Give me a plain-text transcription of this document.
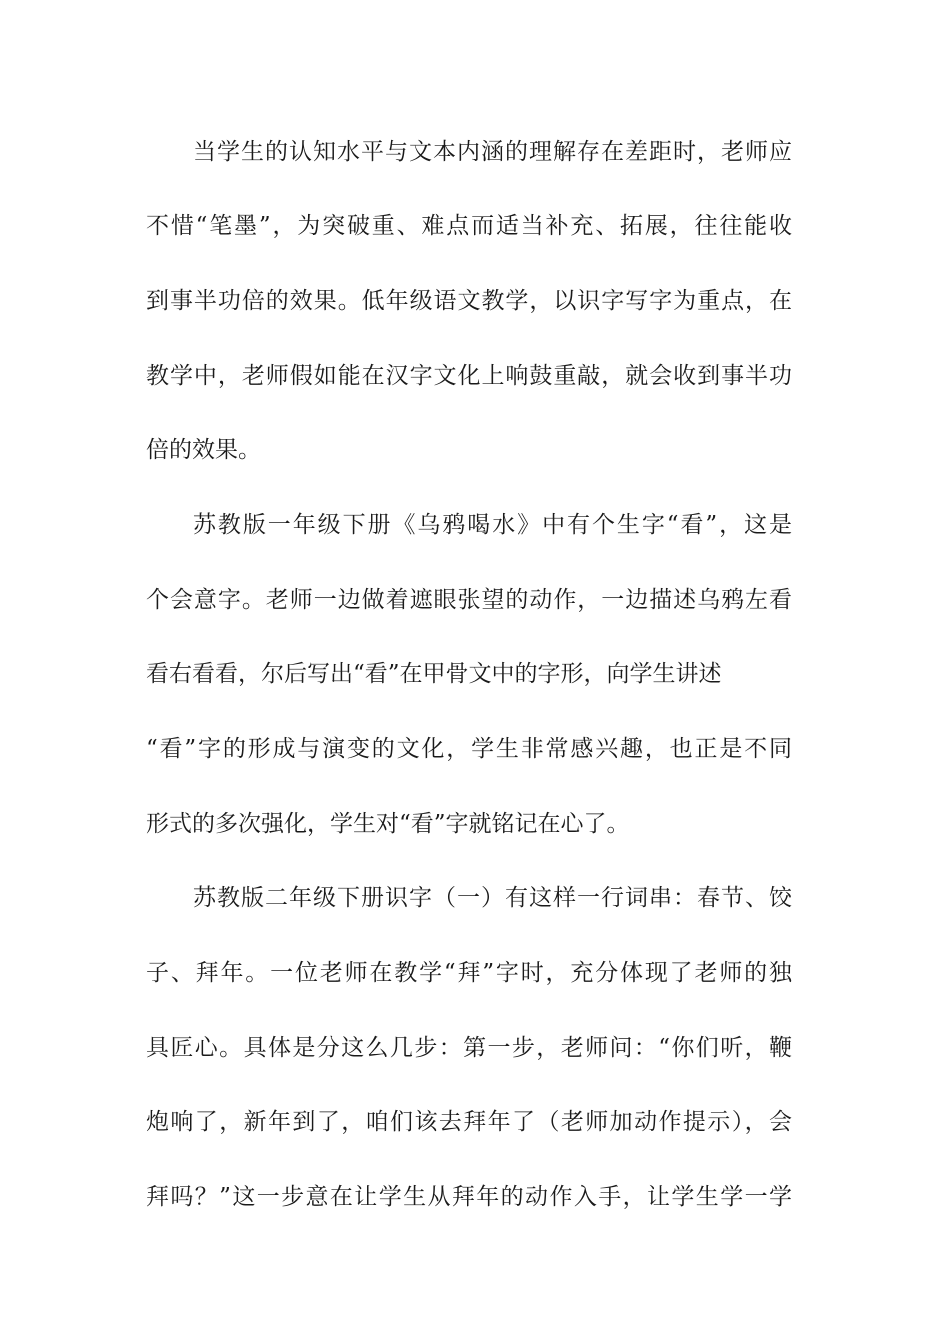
当学生的认知水平与文本内涵的理解存在差距时，老师应
不惜“笔墨”，为突破重、难点而适当补充、拓展，往往能收
到事半功倍的效果。低年级语文教学，以识字写字为重点，在
教学中，老师假如能在汉字文化上响鼓重敲，就会收到事半功
倍的效果。
苏教版一年级下册《乌鸦喝水》中有个生字“看”，这是
个会意字。老师一边做着遮眼张望的动作，一边描述乌鸦左看
看右看看，尔后写出“看”在甲骨文中的字形，向学生讲述
“看”字的形成与演变的文化，学生非常感兴趣，也正是不同
形式的多次强化，学生对“看”字就铭记在心了。
苏教版二年级下册识字（一）有这样一行词串：春节、饺
子、拜年。一位老师在教学“拜”字时，充分体现了老师的独
具匠心。具体是分这么几步：第一步，老师问：“你们听，鞭
炮响了，新年到了，咱们该去拜年了（老师加动作提示），会
拜吗？”这一步意在让学生从拜年的动作入手，让学生学一学
